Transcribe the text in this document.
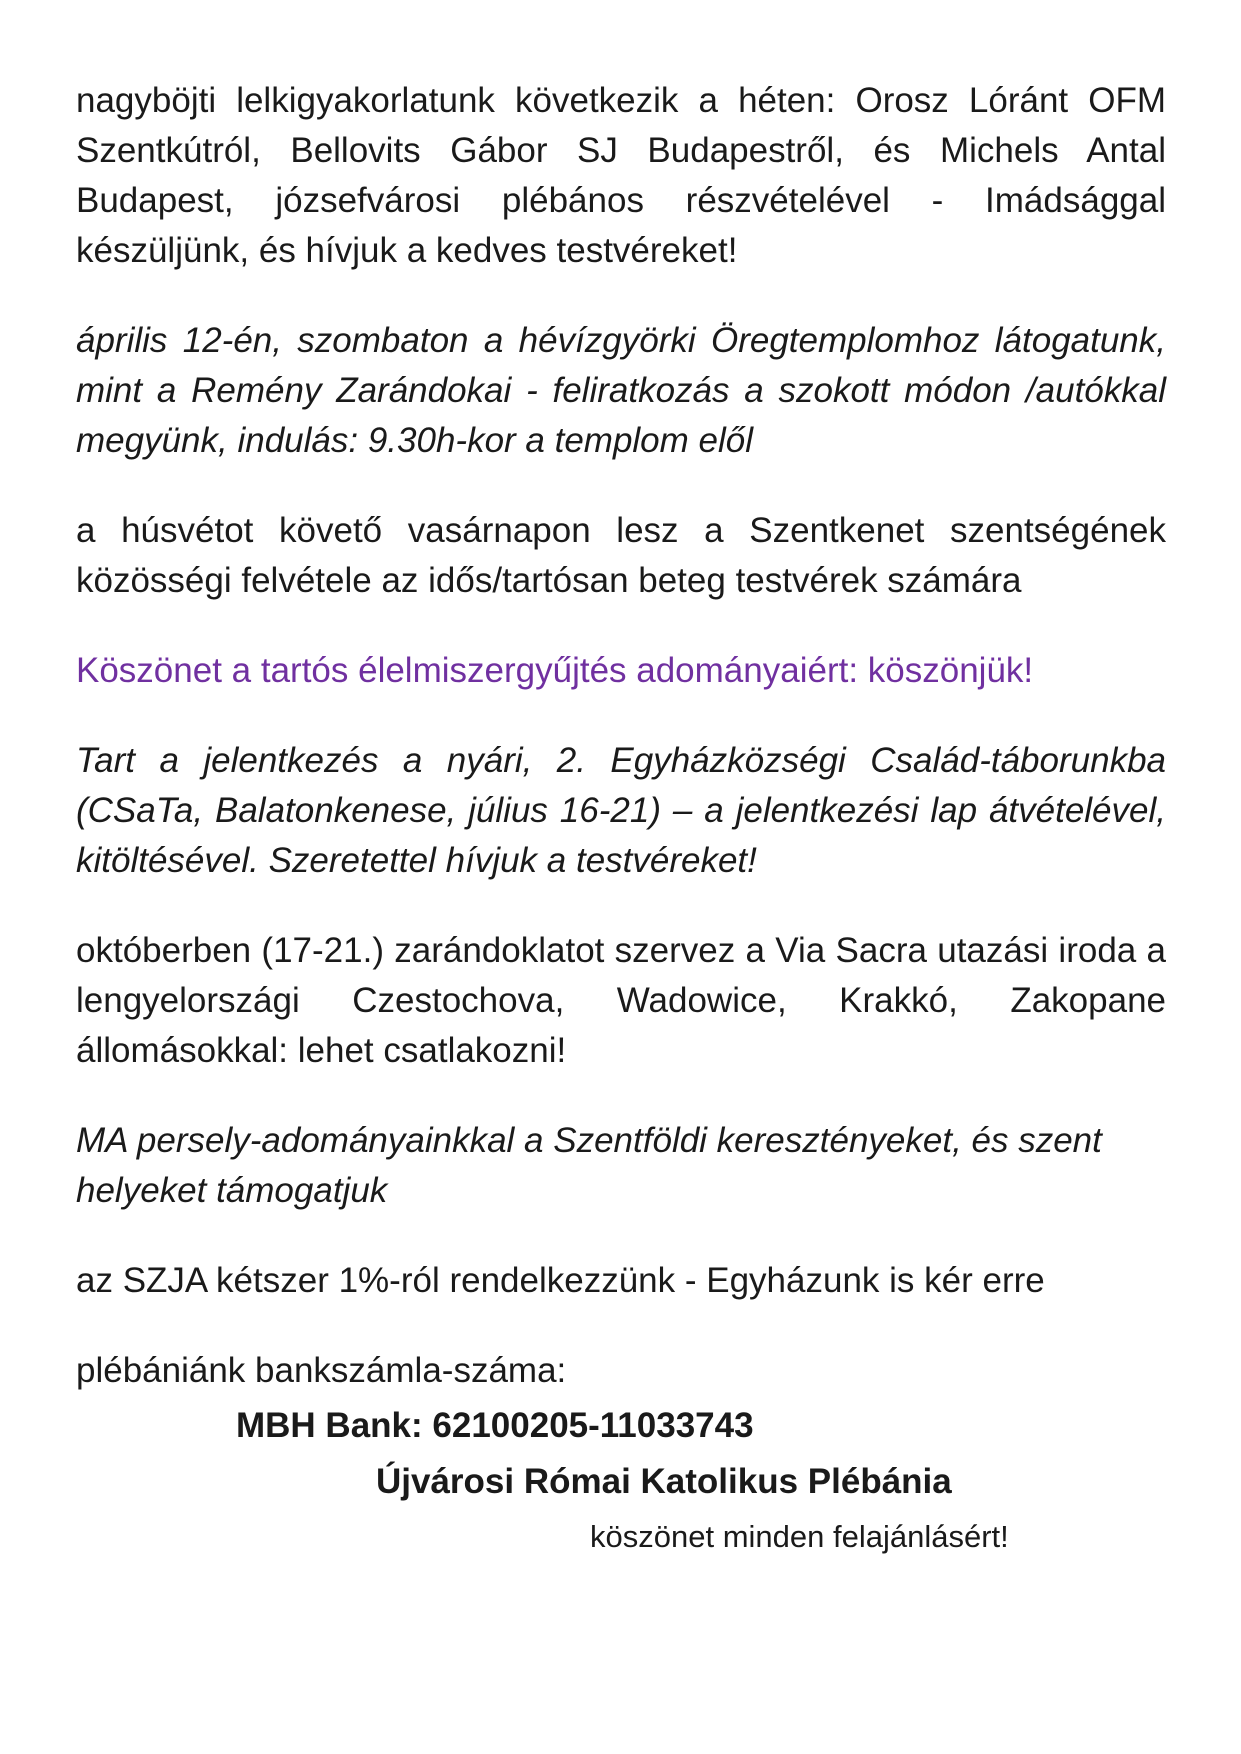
nagyböjti lelkigyakorlatunk következik a héten: Orosz Lóránt OFM Szentkútról, Bellovits Gábor SJ Budapestről, és Michels Antal Budapest, józsefvárosi plébános részvételével - Imádsággal készüljünk, és hívjuk a kedves testvéreket!

április 12-én, szombaton a hévízgyörki Öregtemplomhoz látogatunk, mint a Remény Zarándokai - feliratkozás a szokott módon /autókkal megyünk, indulás: 9.30h-kor a templom elől

a húsvétot követő vasárnapon lesz a Szentkenet szentségének közösségi felvétele az idős/tartósan beteg testvérek számára

Köszönet a tartós élelmiszergyűjtés adományaiért: köszönjük!

Tart a jelentkezés a nyári, 2. Egyházközségi Család-táborunkba (CSaTa, Balatonkenese, július 16-21) – a jelentkezési lap átvételével, kitöltésével. Szeretettel hívjuk a testvéreket!

októberben (17-21.) zarándoklatot szervez a Via Sacra utazási iroda a lengyelországi Czestochova, Wadowice, Krakkó, Zakopane állomásokkal: lehet csatlakozni!

MA persely-adományainkkal a Szentföldi keresztényeket, és szent helyeket támogatjuk

az SZJA kétszer 1%-ról rendelkezzünk - Egyházunk is kér erre

plébániánk bankszámla-száma:

MBH Bank: 62100205-11033743

Újvárosi Római Katolikus Plébánia

köszönet minden felajánlásért!
